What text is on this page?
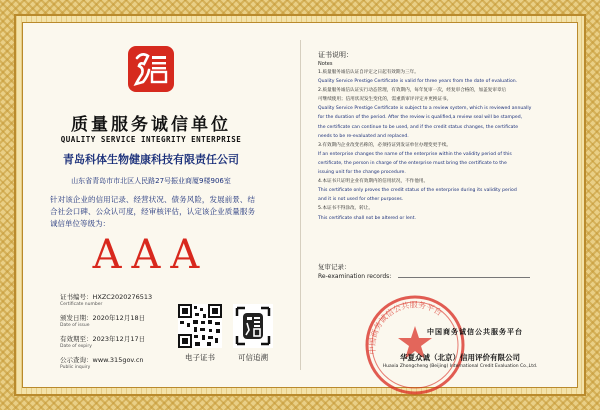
质量服务诚信单位
QUALITY SERVICE INTEGRITY ENTERPRISE
青岛科体生物健康科技有限责任公司
山东省青岛市市北区人民路27号振业商厦9楼906室
针对该企业的信用记录、经营状况、债务风险，发展前景、结合社会口碑、公众认可度，经审核评估，认定该企业质量服务诚信单位等级为：
AAA
证书编号：HXZC2020276513
Certificate number
颁发日期：2020年12月18日
Date of issue
有效期至：2023年12月17日
Date of expiry
公示查询：www.315gov.cn
Public inquiry
电子证书	可信追溯
证书说明：
Notes
1.质量服务诚信认证自评定之日起有效期为三年。
Quality Service Prestige Certificate is valid for three years from the date of evaluation.
2.质量服务诚信认证实行动态管理，有效期内，每年复审一次，经复审合格的，加盖复审章后
可继续使用；信用状况发生变化的，需重新审评评定并更换证书。
Quality Service Prestige Certificate is subject to a review system, which is reviewed annually
for the duration of the period. After the review is qualified,a review seal will be stamped,
the certificate can continue to be used, and if the credit status changes, the certificate
needs to be re-evaluated and replaced.
3.有效期内企业改变名称的，必须持证到发证单位办理变更手续。
If an enterprise changes the name of the enterprise within the validity period of this
certificate, the person in charge of the enterprise must bring the certificate to the
issuing unit for the change procedure.
4.本证书只证明企业有效期内的信用状况，不作他用。
This certificate only proves the credit status of the enterprise during its validity period
and it is not used for other purposes.
5.本证书不得涂改、转让。
This certificate shall not be altered or lent.
复审记录：
Re-examination records:
中国商务诚信公共服务平台
中国商务诚信公共服务平台
华夏众诚（北京）信用评价有限公司
Huaxia Zhongcheng (Beijing) International Credit Evaluation Co.,Ltd.
